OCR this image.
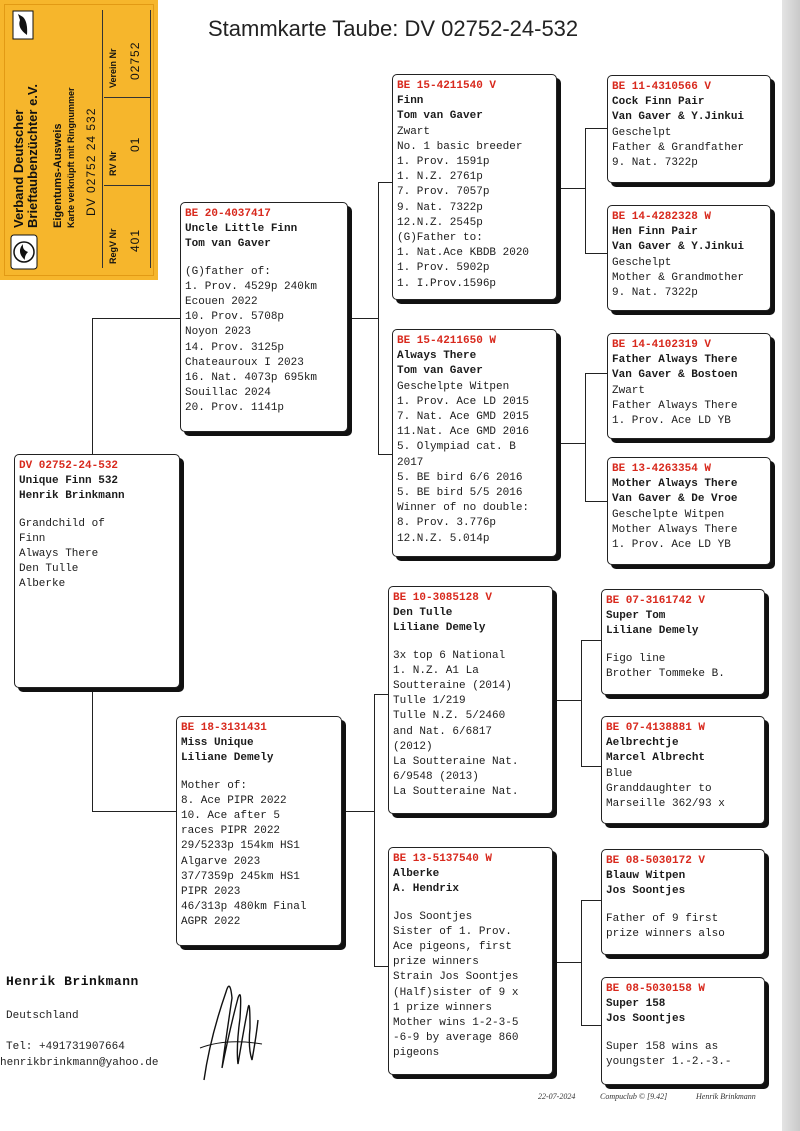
Stammkarte Taube: DV 02752-24-532
Verband Deutscher Brieftaubenzüchter e.V. Eigentums-Ausweis Karte verknüpft mit Ringnummer DV 02752 24 532
RegV Nr 401
RV Nr
01
Verein Nr 02752
DV 02752-24-532
Unique Finn 532
Henrik Brinkmann
Grandchild of
Finn
Always There
Den Tulle
Alberke
BE 20-4037417
Uncle Little Finn
Tom van Gaver
(G)father of:
1. Prov. 4529p 240km
Ecouen 2022
10. Prov. 5708p
Noyon 2023
14. Prov. 3125p
Chateauroux I 2023
16. Nat. 4073p 695km
Souillac 2024
20. Prov. 1141p
BE 18-3131431
Miss Unique
Liliane Demely
Mother of:
8. Ace PIPR 2022
10. Ace after 5
races PIPR 2022
29/5233p 154km HS1
Algarve 2023
37/7359p 245km HS1
PIPR 2023
46/313p 480km Final
AGPR 2022
BE 15-4211540 V
Finn
Tom van Gaver
Zwart
No. 1 basic breeder
1. Prov. 1591p
1. N.Z. 2761p
7. Prov. 7057p
9. Nat. 7322p
12.N.Z. 2545p
(G)Father to:
1. Nat.Ace KBDB 2020
1. Prov. 5902p
1. I.Prov.1596p
BE 15-4211650 W
Always There
Tom van Gaver
Geschelpte Witpen
1. Prov. Ace LD 2015
7. Nat. Ace GMD 2015
11.Nat. Ace GMD 2016
5. Olympiad cat. B
2017
5. BE bird 6/6 2016
5. BE bird 5/5 2016
Winner of no double:
8. Prov. 3.776p
12.N.Z. 5.014p
BE 10-3085128 V
Den Tulle
Liliane Demely
3x top 6 National
1. N.Z. A1 La
Soutteraine (2014)
Tulle 1/219
Tulle N.Z. 5/2460
and Nat. 6/6817
(2012)
La Soutteraine Nat.
6/9548 (2013)
La Soutteraine Nat.
BE 13-5137540 W
Alberke
A. Hendrix
Jos Soontjes
Sister of 1. Prov.
Ace pigeons, first
prize winners
Strain Jos Soontjes
(Half)sister of 9 x
1 prize winners
Mother wins 1-2-3-5
-6-9 by average 860
pigeons
BE 11-4310566 V
Cock Finn Pair
Van Gaver & Y.Jinkui
Geschelpt
Father & Grandfather
9. Nat. 7322p
BE 14-4282328 W
Hen Finn Pair
Van Gaver & Y.Jinkui
Geschelpt
Mother & Grandmother
9. Nat. 7322p
BE 14-4102319 V
Father Always There
Van Gaver & Bostoen
Zwart
Father Always There
1. Prov. Ace LD YB
BE 13-4263354 W
Mother Always There
Van Gaver & De Vroe
Geschelpte Witpen
Mother Always There
1. Prov. Ace LD YB
BE 07-3161742 V
Super Tom
Liliane Demely
Figo line
Brother Tommeke B.
BE 07-4138881 W
Aelbrechtje
Marcel Albrecht
Blue
Granddaughter to
Marseille 362/93 x
BE 08-5030172 V
Blauw Witpen
Jos Soontjes
Father of 9 first
prize winners also
BE 08-5030158 W
Super 158
Jos Soontjes
Super 158 wins as
youngster 1.-2.-3.-
Henrik Brinkmann
Deutschland
Tel: +491731907664
henrikbrinkmann@yahoo.de
22-07-2024	Compuclub © [9.42]	Henrik Brinkmann
